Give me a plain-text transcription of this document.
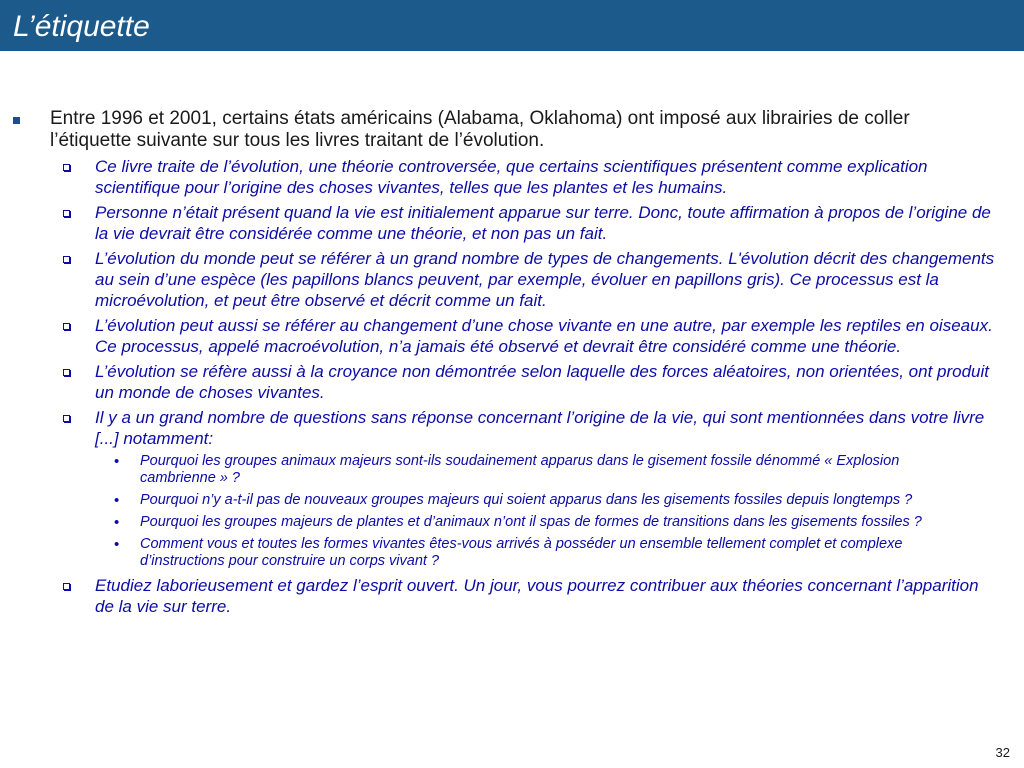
L’étiquette
Entre 1996 et 2001, certains états américains (Alabama, Oklahoma) ont imposé aux librairies de coller l’étiquette suivante sur tous les livres traitant de l’évolution.
Ce livre traite de l’évolution, une théorie controversée, que certains scientifiques présentent comme explication scientifique pour l’origine des choses vivantes, telles que les plantes et les humains.
Personne n’était présent quand la vie est initialement apparue sur terre. Donc, toute affirmation à propos de l’origine de la vie devrait être considérée comme une théorie, et non pas un fait.
L’évolution du monde peut se référer à un grand nombre de types de changements. L'évolution décrit des changements au sein d’une espèce (les papillons blancs peuvent, par exemple, évoluer en papillons gris). Ce processus est la microévolution, et peut être observé et décrit comme un fait.
L’évolution peut aussi se référer au changement d’une chose vivante en une autre, par exemple les reptiles en oiseaux. Ce processus, appelé macroévolution, n’a jamais été observé et devrait être considéré comme une théorie.
L’évolution se réfère aussi à la croyance non démontrée selon laquelle des forces aléatoires, non orientées, ont produit un monde de choses vivantes.
Il y a un grand nombre de questions sans réponse concernant l’origine de la vie, qui sont mentionnées dans votre livre [...] notamment:
• Pourquoi les groupes animaux majeurs sont-ils soudainement apparus dans le gisement fossile dénommé « Explosion cambrienne » ?
• Pourquoi n’y a-t-il pas de nouveaux groupes majeurs qui soient apparus dans les gisements fossiles depuis longtemps ?
• Pourquoi les groupes majeurs de plantes et d’animaux n’ont il spas de formes de transitions dans les gisements fossiles ?
• Comment vous et toutes les formes vivantes êtes-vous arrivés à posséder un ensemble tellement complet et complexe d’instructions pour construire un corps vivant ?
Etudiez laborieusement et gardez l’esprit ouvert. Un jour, vous pourrez contribuer aux théories concernant l’apparition de la vie sur terre.
32
